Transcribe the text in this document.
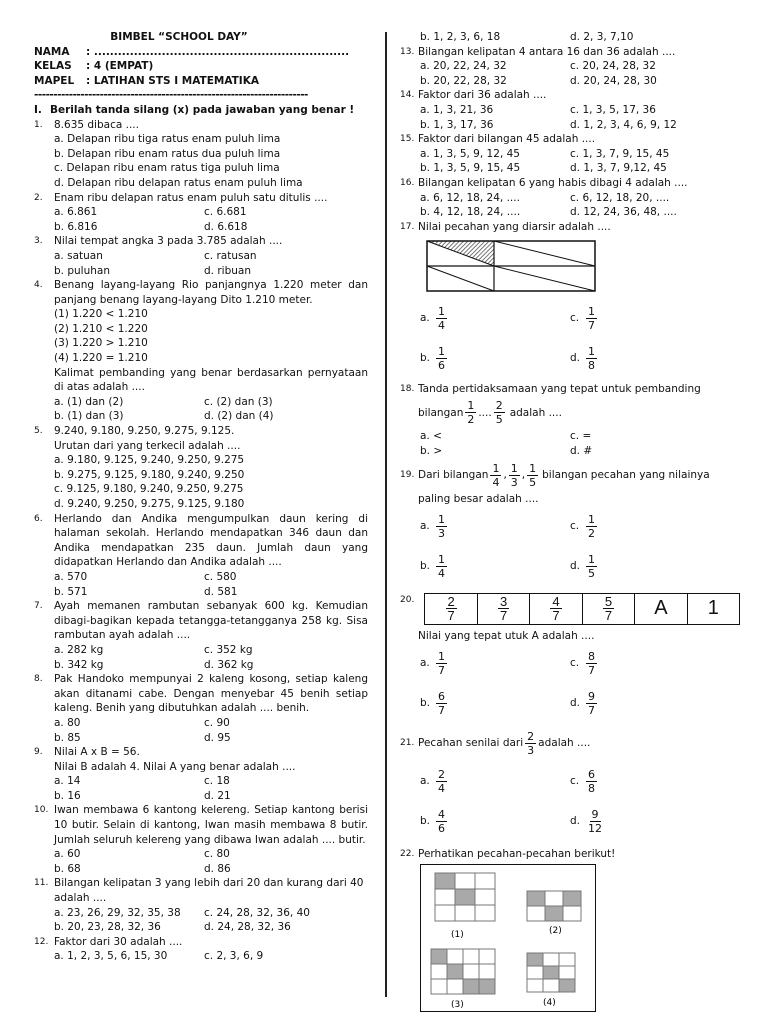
BIMBEL “SCHOOL DAY”
NAMA	: ................................................................
KELAS	: 4 (EMPAT)
MAPEL	: LATIHAN STS I MATEMATIKA
-----------------------------------------------------------------------
I. Berilah tanda silang (x) pada jawaban yang benar !
1.	8.635 dibaca ....
a. Delapan ribu tiga ratus enam puluh lima
b. Delapan ribu enam ratus dua puluh lima
c. Delapan ribu enam ratus tiga puluh lima
d. Delapan ribu delapan ratus enam puluh lima
2.	Enam ribu delapan ratus enam puluh satu ditulis ....
a. 6.861	c. 6.681
b. 6.816	d. 6.618
3.	Nilai tempat angka 3 pada 3.785 adalah ....
a. satuan	c. ratusan
b. puluhan	d. ribuan
4.	Benang layang-layang Rio panjangnya 1.220 meter dan panjang benang layang-layang Dito 1.210 meter.
(1) 1.220 < 1.210
(2) 1.210 < 1.220
(3) 1.220 > 1.210
(4) 1.220 = 1.210
Kalimat pembanding yang benar berdasarkan pernyataan di atas adalah ....
a. (1) dan (2)	c. (2) dan (3)
b. (1) dan (3)	d. (2) dan (4)
5.	9.240, 9.180, 9.250, 9.275, 9.125.
Urutan dari yang terkecil adalah ....
a. 9.180, 9.125, 9.240, 9.250, 9.275
b. 9.275, 9.125, 9.180, 9.240, 9.250
c. 9.125, 9.180, 9.240, 9.250, 9.275
d. 9.240, 9.250, 9.275, 9.125, 9.180
6.	Herlando dan Andika mengumpulkan daun kering di halaman sekolah. Herlando mendapatkan 346 daun dan Andika mendapatkan 235 daun. Jumlah daun yang didapatkan Herlando dan Andika adalah ....
a. 570	c. 580
b. 571	d. 581
7.	Ayah memanen rambutan sebanyak 600 kg. Kemudian dibagi-bagikan kepada tetangga-tetangganya 258 kg. Sisa rambutan ayah adalah ....
a. 282 kg	c. 352 kg
b. 342 kg	d. 362 kg
8.	Pak Handoko mempunyai 2 kaleng kosong, setiap kaleng akan ditanami cabe. Dengan menyebar 45 benih setiap kaleng. Benih yang dibutuhkan adalah .... benih.
a. 80	c. 90
b. 85	d. 95
9.	Nilai A x B = 56.
Nilai B adalah 4. Nilai A yang benar adalah ....
a. 14	c. 18
b. 16	d. 21
10. Iwan membawa 6 kantong kelereng. Setiap kantong berisi 10 butir. Selain di kantong, Iwan masih membawa 8 butir. Jumlah seluruh kelereng yang dibawa Iwan adalah .... butir.
a. 60	c. 80
b. 68	d. 86
11. Bilangan kelipatan 3 yang lebih dari 20 dan kurang dari 40 adalah ....
a. 23, 26, 29, 32, 35, 38	c. 24, 28, 32, 36, 40
b. 20, 23, 28, 32, 36	d. 24, 28, 32, 36
12. Faktor dari 30 adalah ....
a. 1, 2, 3, 5, 6, 15, 30	c. 2, 3, 6, 9
b. 1, 2, 3, 6, 18	d. 2, 3, 7,10
13. Bilangan kelipatan 4 antara 16 dan 36 adalah ....
a. 20, 22, 24, 32	c. 20, 24, 28, 32
b. 20, 22, 28, 32	d. 20, 24, 28, 30
14. Faktor dari 36 adalah ....
a. 1, 3, 21, 36	c. 1, 3, 5, 17, 36
b. 1, 3, 17, 36	d. 1, 2, 3, 4, 6, 9, 12
15. Faktor dari bilangan 45 adalah ....
a. 1, 3, 5, 9, 12, 45	c. 1, 3, 7, 9, 15, 45
b. 1, 3, 5, 9, 15, 45	d. 1, 3, 7, 9,12, 45
16. Bilangan kelipatan 6 yang habis dibagi 4 adalah ....
a. 6, 12, 18, 24, ....	c. 6, 12, 18, 20, ....
b. 4, 12, 18, 24, ....	d. 12, 24, 36, 48, ....
17. Nilai pecahan yang diarsir adalah ....
a. $\frac{1}{4}$	c. $\frac{1}{7}$
b. $\frac{1}{6}$	d. $\frac{1}{8}$
18. Tanda pertidaksamaan yang tepat untuk pembanding
bilangan $\frac{1}{2}$ .... $\frac{2}{5}$ adalah ....
a. <	c. =
b. >	d. #
19. Dari bilangan $\frac{1}{4}$ , $\frac{1}{3}$ , $\frac{1}{5}$ bilangan pecahan yang nilainya
paling besar adalah ....
a. $\frac{1}{3}$	c. $\frac{1}{2}$
b. $\frac{1}{4}$	d. $\frac{1}{5}$
20.	$\frac{2}{7}$	$\frac{3}{7}$	$\frac{4}{7}$	$\frac{5}{7}$	A	1
Nilai yang tepat utuk A adalah ....
a. $\frac{1}{7}$	c. $\frac{8}{7}$
b. $\frac{6}{7}$	d. $\frac{9}{7}$
21. Pecahan senilai dari $\frac{2}{3}$ adalah ....
a. $\frac{2}{4}$	c. $\frac{6}{8}$
b. $\frac{4}{6}$	d. $\frac{9}{12}$
22. Perhatikan pecahan-pecahan berikut!
(1)	(2)
(3)	(4)
